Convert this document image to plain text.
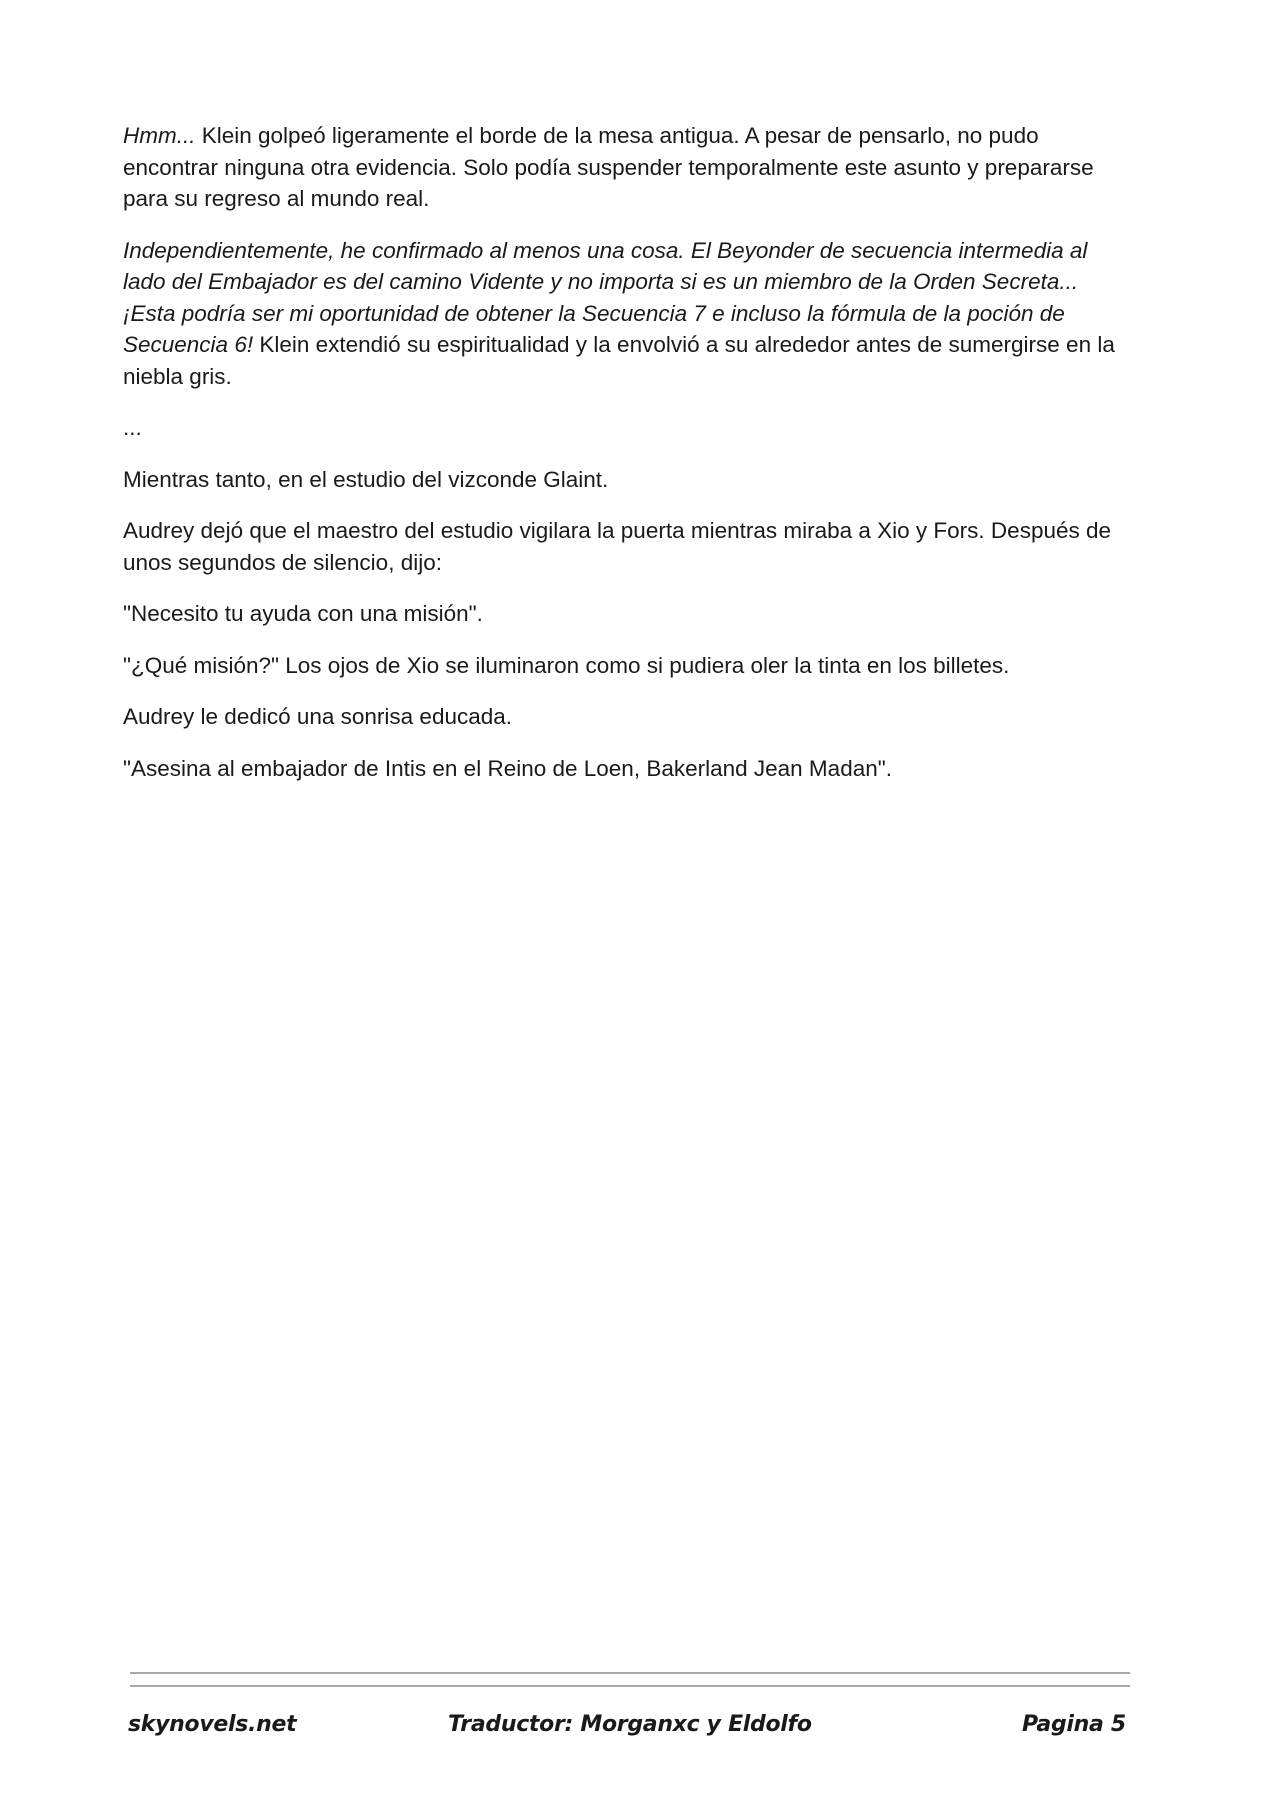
Hmm... Klein golpeó ligeramente el borde de la mesa antigua. A pesar de pensarlo, no pudo encontrar ninguna otra evidencia. Solo podía suspender temporalmente este asunto y prepararse para su regreso al mundo real.

Independientemente, he confirmado al menos una cosa. El Beyonder de secuencia intermedia al lado del Embajador es del camino Vidente y no importa si es un miembro de la Orden Secreta... ¡Esta podría ser mi oportunidad de obtener la Secuencia 7 e incluso la fórmula de la poción de Secuencia 6! Klein extendió su espiritualidad y la envolvió a su alrededor antes de sumergirse en la niebla gris.

...

Mientras tanto, en el estudio del vizconde Glaint.

Audrey dejó que el maestro del estudio vigilara la puerta mientras miraba a Xio y Fors. Después de unos segundos de silencio, dijo:

"Necesito tu ayuda con una misión".

"¿Qué misión?" Los ojos de Xio se iluminaron como si pudiera oler la tinta en los billetes.

Audrey le dedicó una sonrisa educada.

"Asesina al embajador de Intis en el Reino de Loen, Bakerland Jean Madan".

skynovels.net	Traductor: Morganxc y Eldolfo	Pagina 5
